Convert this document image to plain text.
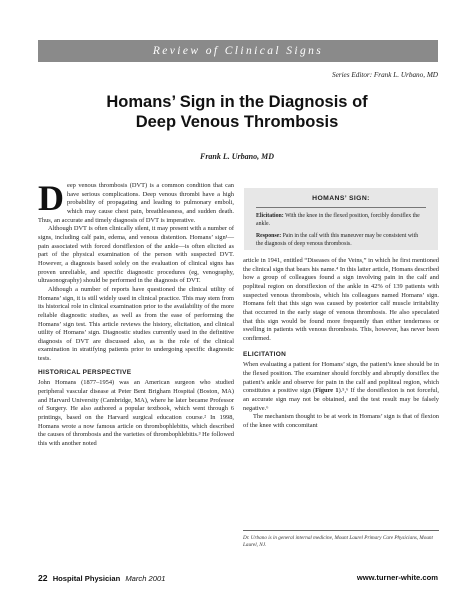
Review of Clinical Signs
Series Editor: Frank L. Urbano, MD
Homans’ Sign in the Diagnosis of
Deep Venous Thrombosis
Frank L. Urbano, MD

Deep venous thrombosis (DVT) is a common condition that can have serious complications. Deep venous thrombi have a high probability of propagating and leading to pulmonary emboli, which may cause chest pain, breathlessness, and sudden death. Thus, an accurate and timely diagnosis of DVT is imperative.

Although DVT is often clinically silent, it may present with a number of signs, including calf pain, edema, and venous distention. Homans’ sign¹—pain associated with forced dorsiflexion of the ankle—is often elicited as part of the physical examination of the person with suspected DVT. However, a diagnosis based solely on the evaluation of clinical signs has proven unreliable, and specific diagnostic procedures (eg, venography, ultrasonography) should be performed in the diagnosis of DVT.

Although a number of reports have questioned the clinical utility of Homans’ sign, it is still widely used in clinical practice. This may stem from its historical role in clinical examination prior to the availability of the more reliable diagnostic studies, as well as from the ease of performing the Homans’ sign test. This article reviews the history, elicitation, and clinical utility of Homans’ sign. Diagnostic studies currently used in the definitive diagnosis of DVT are discussed also, as is the role of the clinical examination in stratifying patients prior to undergoing specific diagnostic tests.

HISTORICAL PERSPECTIVE

John Homans (1877–1954) was an American surgeon who studied peripheral vascular disease at Peter Bent Brigham Hospital (Boston, MA) and Harvard University (Cambridge, MA), where he later became Professor of Surgery. He also authored a popular textbook, which went through 6 printings, based on the Harvard surgical education course.² In 1998, Homans wrote a now famous article on thrombophlebitis, which described the causes of thrombosis and the varieties of thrombophlebitis.³ He followed this with another noted

HOMANS’ SIGN:
Elicitation: With the knee in the flexed position, forcibly dorsiflex the ankle.
Response: Pain in the calf with this maneuver may be consistent with the diagnosis of deep venous thrombosis.

article in 1941, entitled “Diseases of the Veins,” in which he first mentioned the clinical sign that bears his name.⁴ In this latter article, Homans described how a group of colleagues found a sign involving pain in the calf and popliteal region on dorsiflexion of the ankle in 42% of 139 patients with suspected venous thrombosis, which his colleagues named Homans’ sign. Homans felt that this sign was caused by posterior calf muscle irritability that occurred in the early stage of venous thrombosis. He also speculated that this sign would be found more frequently than either tenderness or swelling in patients with venous thrombosis. This, however, has never been confirmed.

ELICITATION

When evaluating a patient for Homans’ sign, the patient’s knee should be in the flexed position. The examiner should forcibly and abruptly dorsiflex the patient’s ankle and observe for pain in the calf and popliteal region, which constitutes a positive sign (Figure 1).⁵,⁶ If the dorsiflexion is not forceful, an accurate sign may not be obtained, and the test result may be falsely negative.⁶

The mechanism thought to be at work in Homans’ sign is that of flexion of the knee with concomitant

Dr. Urbano is in general internal medicine, Mount Laurel Primary Care Physicians, Mount Laurel, NJ.
22 Hospital Physician March 2001	www.turner-white.com
